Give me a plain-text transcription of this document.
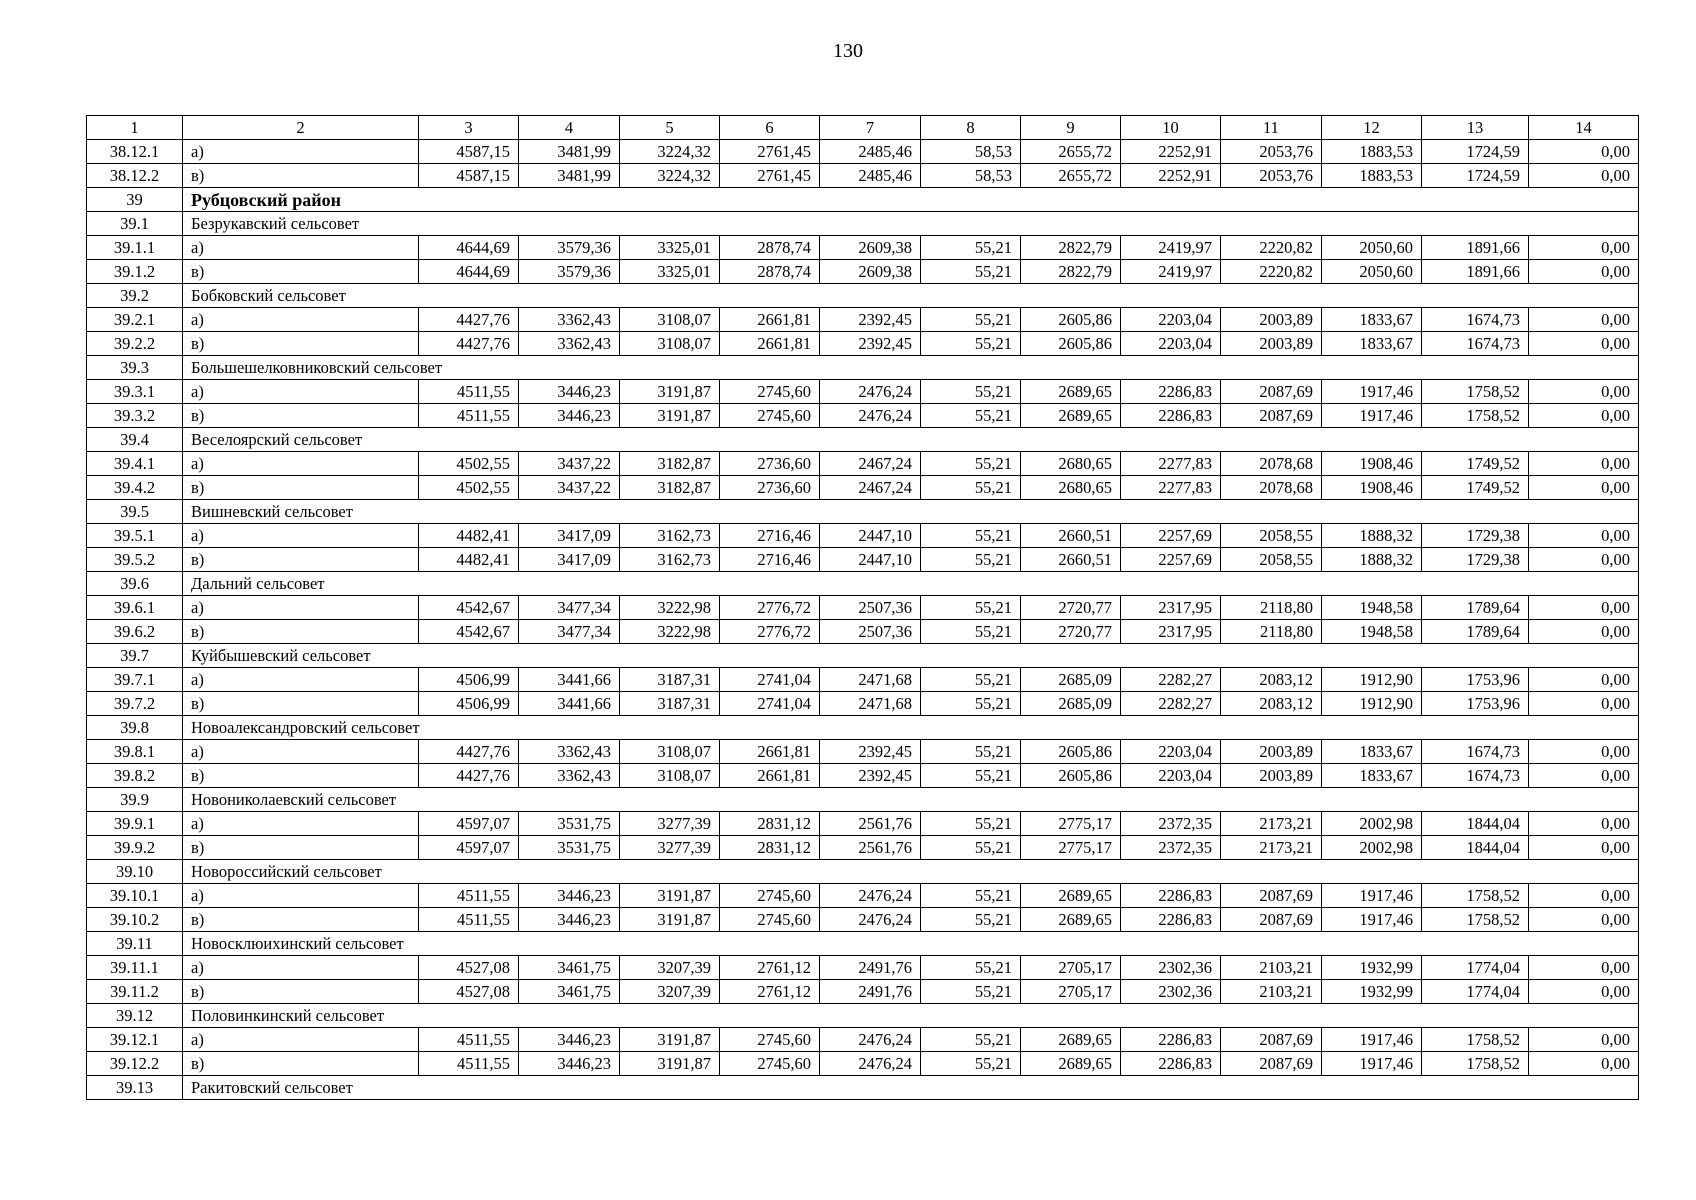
130
1	2	3	4	5	6	7	8	9	10	11	12	13	14
38.12.1	а)	4587,15	3481,99	3224,32	2761,45	2485,46	58,53	2655,72	2252,91	2053,76	1883,53	1724,59	0,00
38.12.2	в)	4587,15	3481,99	3224,32	2761,45	2485,46	58,53	2655,72	2252,91	2053,76	1883,53	1724,59	0,00
39	Рубцовский район												
39.1	Безрукавский сельсовет												
39.1.1	а)	4644,69	3579,36	3325,01	2878,74	2609,38	55,21	2822,79	2419,97	2220,82	2050,60	1891,66	0,00
39.1.2	в)	4644,69	3579,36	3325,01	2878,74	2609,38	55,21	2822,79	2419,97	2220,82	2050,60	1891,66	0,00
39.2	Бобковский сельсовет												
39.2.1	а)	4427,76	3362,43	3108,07	2661,81	2392,45	55,21	2605,86	2203,04	2003,89	1833,67	1674,73	0,00
39.2.2	в)	4427,76	3362,43	3108,07	2661,81	2392,45	55,21	2605,86	2203,04	2003,89	1833,67	1674,73	0,00
39.3	Большешелковниковский сельсовет												
39.3.1	а)	4511,55	3446,23	3191,87	2745,60	2476,24	55,21	2689,65	2286,83	2087,69	1917,46	1758,52	0,00
39.3.2	в)	4511,55	3446,23	3191,87	2745,60	2476,24	55,21	2689,65	2286,83	2087,69	1917,46	1758,52	0,00
39.4	Веселоярский сельсовет												
39.4.1	а)	4502,55	3437,22	3182,87	2736,60	2467,24	55,21	2680,65	2277,83	2078,68	1908,46	1749,52	0,00
39.4.2	в)	4502,55	3437,22	3182,87	2736,60	2467,24	55,21	2680,65	2277,83	2078,68	1908,46	1749,52	0,00
39.5	Вишневский сельсовет												
39.5.1	а)	4482,41	3417,09	3162,73	2716,46	2447,10	55,21	2660,51	2257,69	2058,55	1888,32	1729,38	0,00
39.5.2	в)	4482,41	3417,09	3162,73	2716,46	2447,10	55,21	2660,51	2257,69	2058,55	1888,32	1729,38	0,00
39.6	Дальний сельсовет												
39.6.1	а)	4542,67	3477,34	3222,98	2776,72	2507,36	55,21	2720,77	2317,95	2118,80	1948,58	1789,64	0,00
39.6.2	в)	4542,67	3477,34	3222,98	2776,72	2507,36	55,21	2720,77	2317,95	2118,80	1948,58	1789,64	0,00
39.7	Куйбышевский сельсовет												
39.7.1	а)	4506,99	3441,66	3187,31	2741,04	2471,68	55,21	2685,09	2282,27	2083,12	1912,90	1753,96	0,00
39.7.2	в)	4506,99	3441,66	3187,31	2741,04	2471,68	55,21	2685,09	2282,27	2083,12	1912,90	1753,96	0,00
39.8	Новоалександровский сельсовет												
39.8.1	а)	4427,76	3362,43	3108,07	2661,81	2392,45	55,21	2605,86	2203,04	2003,89	1833,67	1674,73	0,00
39.8.2	в)	4427,76	3362,43	3108,07	2661,81	2392,45	55,21	2605,86	2203,04	2003,89	1833,67	1674,73	0,00
39.9	Новониколаевский сельсовет												
39.9.1	а)	4597,07	3531,75	3277,39	2831,12	2561,76	55,21	2775,17	2372,35	2173,21	2002,98	1844,04	0,00
39.9.2	в)	4597,07	3531,75	3277,39	2831,12	2561,76	55,21	2775,17	2372,35	2173,21	2002,98	1844,04	0,00
39.10	Новороссийский сельсовет												
39.10.1	а)	4511,55	3446,23	3191,87	2745,60	2476,24	55,21	2689,65	2286,83	2087,69	1917,46	1758,52	0,00
39.10.2	в)	4511,55	3446,23	3191,87	2745,60	2476,24	55,21	2689,65	2286,83	2087,69	1917,46	1758,52	0,00
39.11	Новосклюихинский сельсовет												
39.11.1	а)	4527,08	3461,75	3207,39	2761,12	2491,76	55,21	2705,17	2302,36	2103,21	1932,99	1774,04	0,00
39.11.2	в)	4527,08	3461,75	3207,39	2761,12	2491,76	55,21	2705,17	2302,36	2103,21	1932,99	1774,04	0,00
39.12	Половинкинский сельсовет												
39.12.1	а)	4511,55	3446,23	3191,87	2745,60	2476,24	55,21	2689,65	2286,83	2087,69	1917,46	1758,52	0,00
39.12.2	в)	4511,55	3446,23	3191,87	2745,60	2476,24	55,21	2689,65	2286,83	2087,69	1917,46	1758,52	0,00
39.13	Ракитовский сельсовет												
